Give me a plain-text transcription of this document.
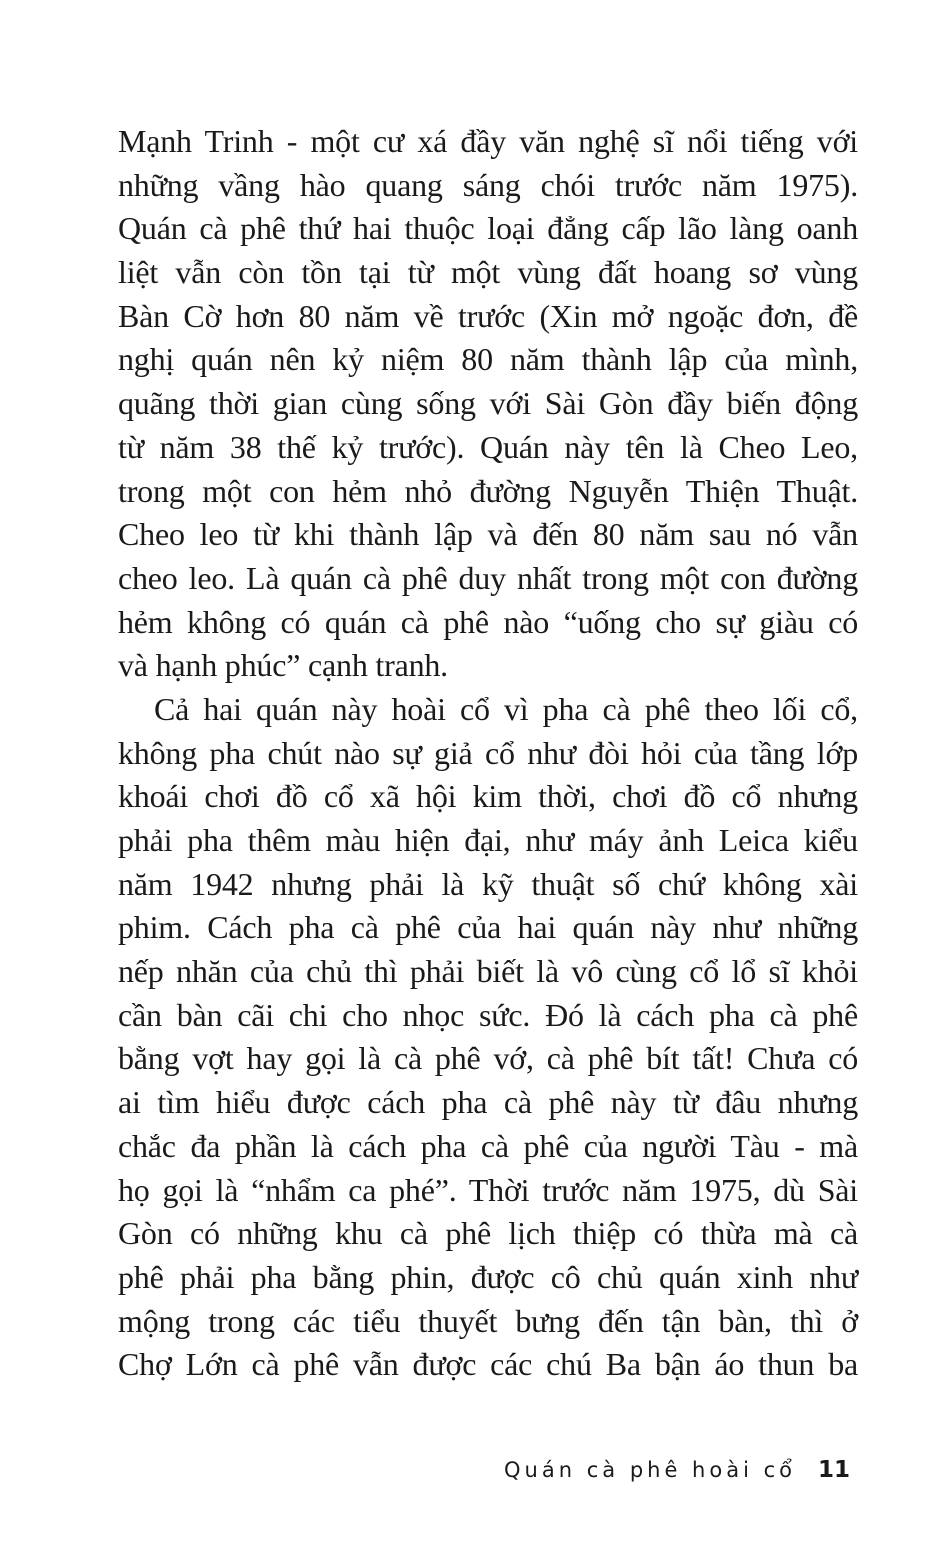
Mạnh Trinh - một cư xá đầy văn nghệ sĩ nổi tiếng với
những vầng hào quang sáng chói trước năm 1975).
Quán cà phê thứ hai thuộc loại đẳng cấp lão làng oanh
liệt vẫn còn tồn tại từ một vùng đất hoang sơ vùng
Bàn Cờ hơn 80 năm về trước (Xin mở ngoặc đơn, đề
nghị quán nên kỷ niệm 80 năm thành lập của mình,
quãng thời gian cùng sống với Sài Gòn đầy biến động
từ năm 38 thế kỷ trước). Quán này tên là Cheo Leo,
trong một con hẻm nhỏ đường Nguyễn Thiện Thuật.
Cheo leo từ khi thành lập và đến 80 năm sau nó vẫn
cheo leo. Là quán cà phê duy nhất trong một con đường
hẻm không có quán cà phê nào “uống cho sự giàu có
và hạnh phúc” cạnh tranh.
Cả hai quán này hoài cổ vì pha cà phê theo lối cổ,
không pha chút nào sự giả cổ như đòi hỏi của tầng lớp
khoái chơi đồ cổ xã hội kim thời, chơi đồ cổ nhưng
phải pha thêm màu hiện đại, như máy ảnh Leica kiểu
năm 1942 nhưng phải là kỹ thuật số chứ không xài
phim. Cách pha cà phê của hai quán này như những
nếp nhăn của chủ thì phải biết là vô cùng cổ lổ sĩ khỏi
cần bàn cãi chi cho nhọc sức. Đó là cách pha cà phê
bằng vợt hay gọi là cà phê vớ, cà phê bít tất! Chưa có
ai tìm hiểu được cách pha cà phê này từ đâu nhưng
chắc đa phần là cách pha cà phê của người Tàu - mà
họ gọi là “nhẩm ca phé”. Thời trước năm 1975, dù Sài
Gòn có những khu cà phê lịch thiệp có thừa mà cà
phê phải pha bằng phin, được cô chủ quán xinh như
mộng trong các tiểu thuyết bưng đến tận bàn, thì ở
Chợ Lớn cà phê vẫn được các chú Ba bận áo thun ba
Quán cà phê hoài cổ 11
